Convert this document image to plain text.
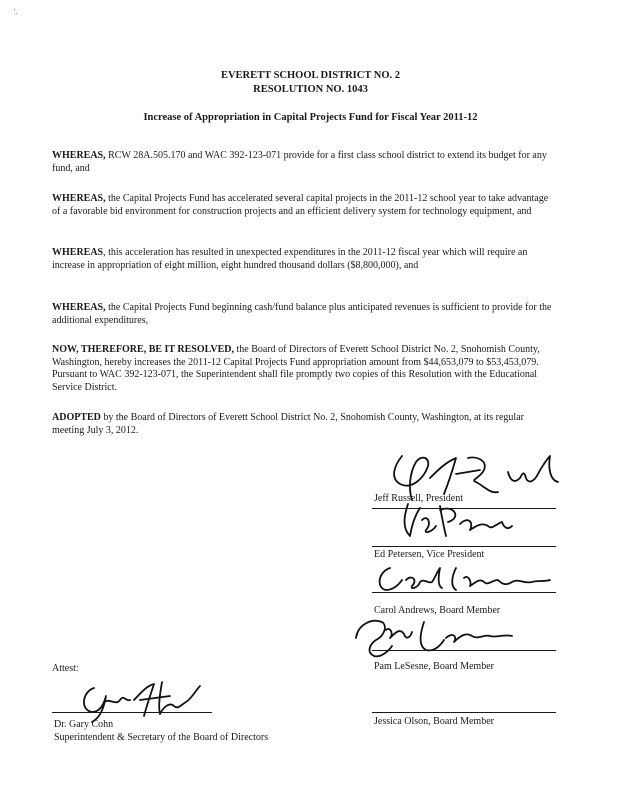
',
EVERETT SCHOOL DISTRICT NO. 2
RESOLUTION NO. 1043
Increase of Appropriation in Capital Projects Fund for Fiscal Year 2011-12

WHEREAS, RCW 28A.505.170 and WAC 392-123-071 provide for a first class school district to extend its budget for any fund, and

WHEREAS, the Capital Projects Fund has accelerated several capital projects in the 2011-12 school year to take advantage of a favorable bid environment for construction projects and an efficient delivery system for technology equipment, and

WHEREAS, this acceleration has resulted in unexpected expenditures in the 2011-12 fiscal year which will require an increase in appropriation of eight million, eight hundred thousand dollars ($8,800,000), and

WHEREAS, the Capital Projects Fund beginning cash/fund balance plus anticipated revenues is sufficient to provide for the additional expenditures,

NOW, THEREFORE, BE IT RESOLVED, the Board of Directors of Everett School District No. 2, Snohomish County, Washington, hereby increases the 2011-12 Capital Projects Fund appropriation amount from $44,653,079 to $53,453,079. Pursuant to WAC 392-123-071, the Superintendent shall file promptly two copies of this Resolution with the Educational Service District.

ADOPTED by the Board of Directors of Everett School District No. 2, Snohomish County, Washington, at its regular meeting July 3, 2012.

Jeff Russell, President
Ed Petersen, Vice President
Carol Andrews, Board Member
Pam LeSesne, Board Member
Jessica Olson, Board Member
Attest:
Dr. Gary Cohn
Superintendent & Secretary of the Board of Directors
